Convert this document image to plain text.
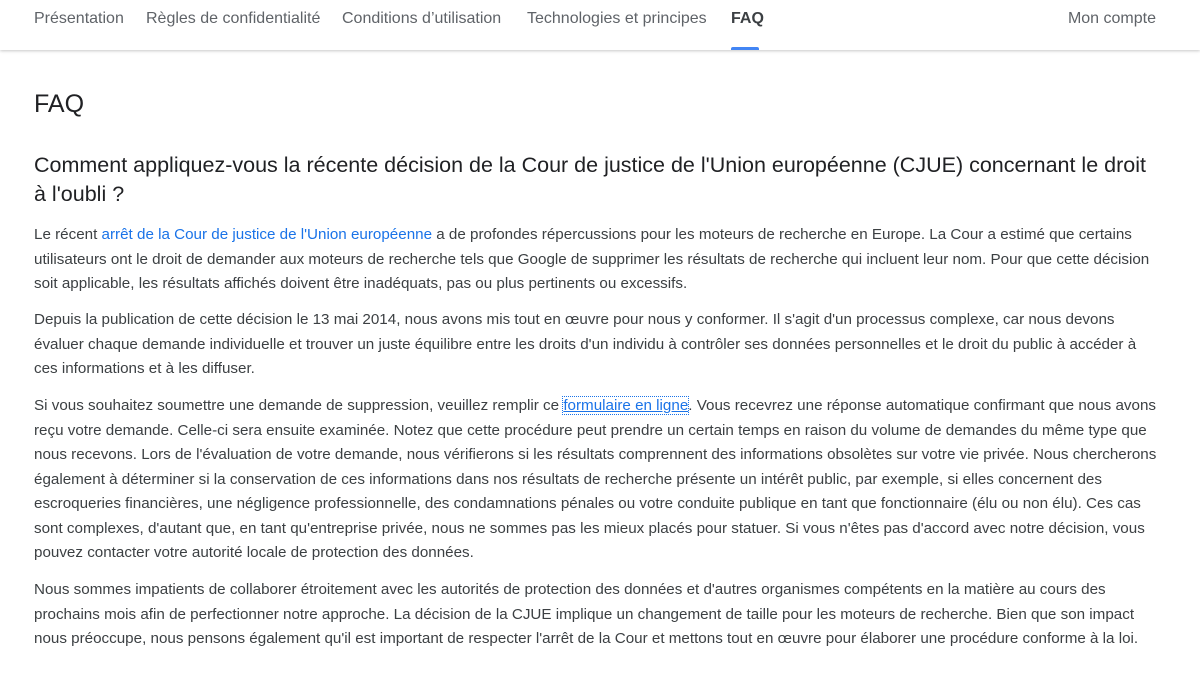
Présentation Règles de confidentialité Conditions d’utilisation Technologies et principes FAQ	Mon compte
FAQ
Comment appliquez-vous la récente décision de la Cour de justice de l'Union européenne (CJUE) concernant le droit à l'oubli ?

Le récent arrêt de la Cour de justice de l'Union européenne a de profondes répercussions pour les moteurs de recherche en Europe. La Cour a estimé que certains utilisateurs ont le droit de demander aux moteurs de recherche tels que Google de supprimer les résultats de recherche qui incluent leur nom. Pour que cette décision soit applicable, les résultats affichés doivent être inadéquats, pas ou plus pertinents ou excessifs.

Depuis la publication de cette décision le 13 mai 2014, nous avons mis tout en œuvre pour nous y conformer. Il s'agit d'un processus complexe, car nous devons évaluer chaque demande individuelle et trouver un juste équilibre entre les droits d'un individu à contrôler ses données personnelles et le droit du public à accéder à ces informations et à les diffuser.

Si vous souhaitez soumettre une demande de suppression, veuillez remplir ce formulaire en ligne. Vous recevrez une réponse automatique confirmant que nous avons reçu votre demande. Celle-ci sera ensuite examinée. Notez que cette procédure peut prendre un certain temps en raison du volume de demandes du même type que nous recevons. Lors de l'évaluation de votre demande, nous vérifierons si les résultats comprennent des informations obsolètes sur votre vie privée. Nous chercherons également à déterminer si la conservation de ces informations dans nos résultats de recherche présente un intérêt public, par exemple, si elles concernent des escroqueries financières, une négligence professionnelle, des condamnations pénales ou votre conduite publique en tant que fonctionnaire (élu ou non élu). Ces cas sont complexes, d'autant que, en tant qu'entreprise privée, nous ne sommes pas les mieux placés pour statuer. Si vous n'êtes pas d'accord avec notre décision, vous pouvez contacter votre autorité locale de protection des données.

Nous sommes impatients de collaborer étroitement avec les autorités de protection des données et d'autres organismes compétents en la matière au cours des prochains mois afin de perfectionner notre approche. La décision de la CJUE implique un changement de taille pour les moteurs de recherche. Bien que son impact nous préoccupe, nous pensons également qu'il est important de respecter l'arrêt de la Cour et mettons tout en œuvre pour élaborer une procédure conforme à la loi.
